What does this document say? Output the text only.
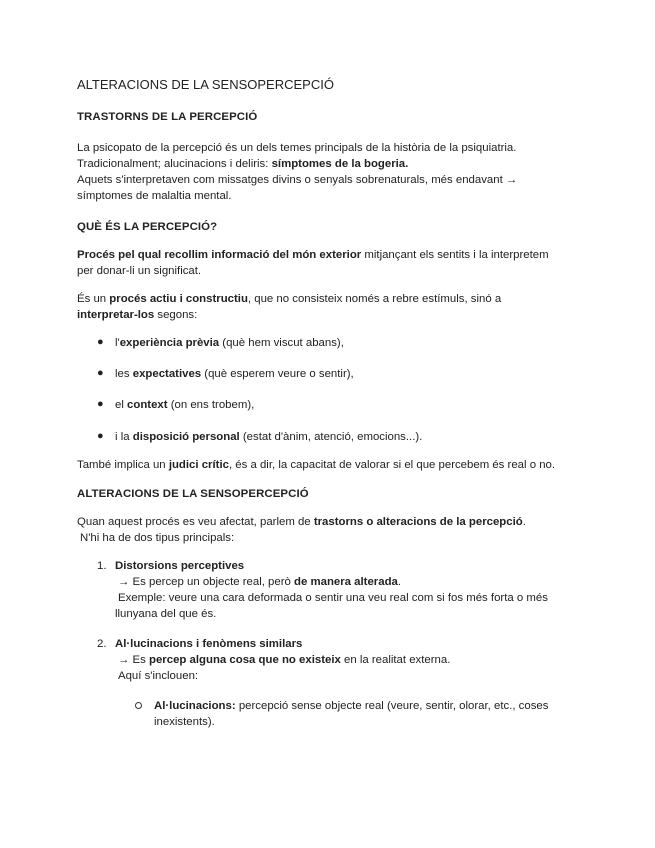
ALTERACIONS DE LA SENSOPERCEPCIÓ
TRASTORNS DE LA PERCEPCIÓ
La psicopato de la percepció és un dels temes principals de la història de la psiquiatria.
Tradicionalment; alucinacions i deliris: símptomes de la bogeria.
Aquets s'interpretaven com missatges divins o senyals sobrenaturals, més endavant →
símptomes de malaltia mental.
QUÈ ÉS LA PERCEPCIÓ?
Procés pel qual recollim informació del món exterior mitjançant els sentits i la interpretem
per donar-li un significat.
És un procés actiu i constructiu, que no consisteix només a rebre estímuls, sinó a
interpretar-los segons:
● l'experiència prèvia (què hem viscut abans),
● les expectatives (què esperem veure o sentir),
● el context (on ens trobem),
● i la disposició personal (estat d'ànim, atenció, emocions...).
També implica un judici crític, és a dir, la capacitat de valorar si el que percebem és real o no.
ALTERACIONS DE LA SENSOPERCEPCIÓ
Quan aquest procés es veu afectat, parlem de trastorns o alteracions de la percepció.
N'hi ha de dos tipus principals:
1. Distorsions perceptives
→ Es percep un objecte real, però de manera alterada.
Exemple: veure una cara deformada o sentir una veu real com si fos més forta o més
llunyana del que és.
2. Al·lucinacions i fenòmens similars
→ Es percep alguna cosa que no existeix en la realitat externa.
Aquí s'inclouen:
Al·lucinacions: percepció sense objecte real (veure, sentir, olorar, etc., coses
inexistents).
